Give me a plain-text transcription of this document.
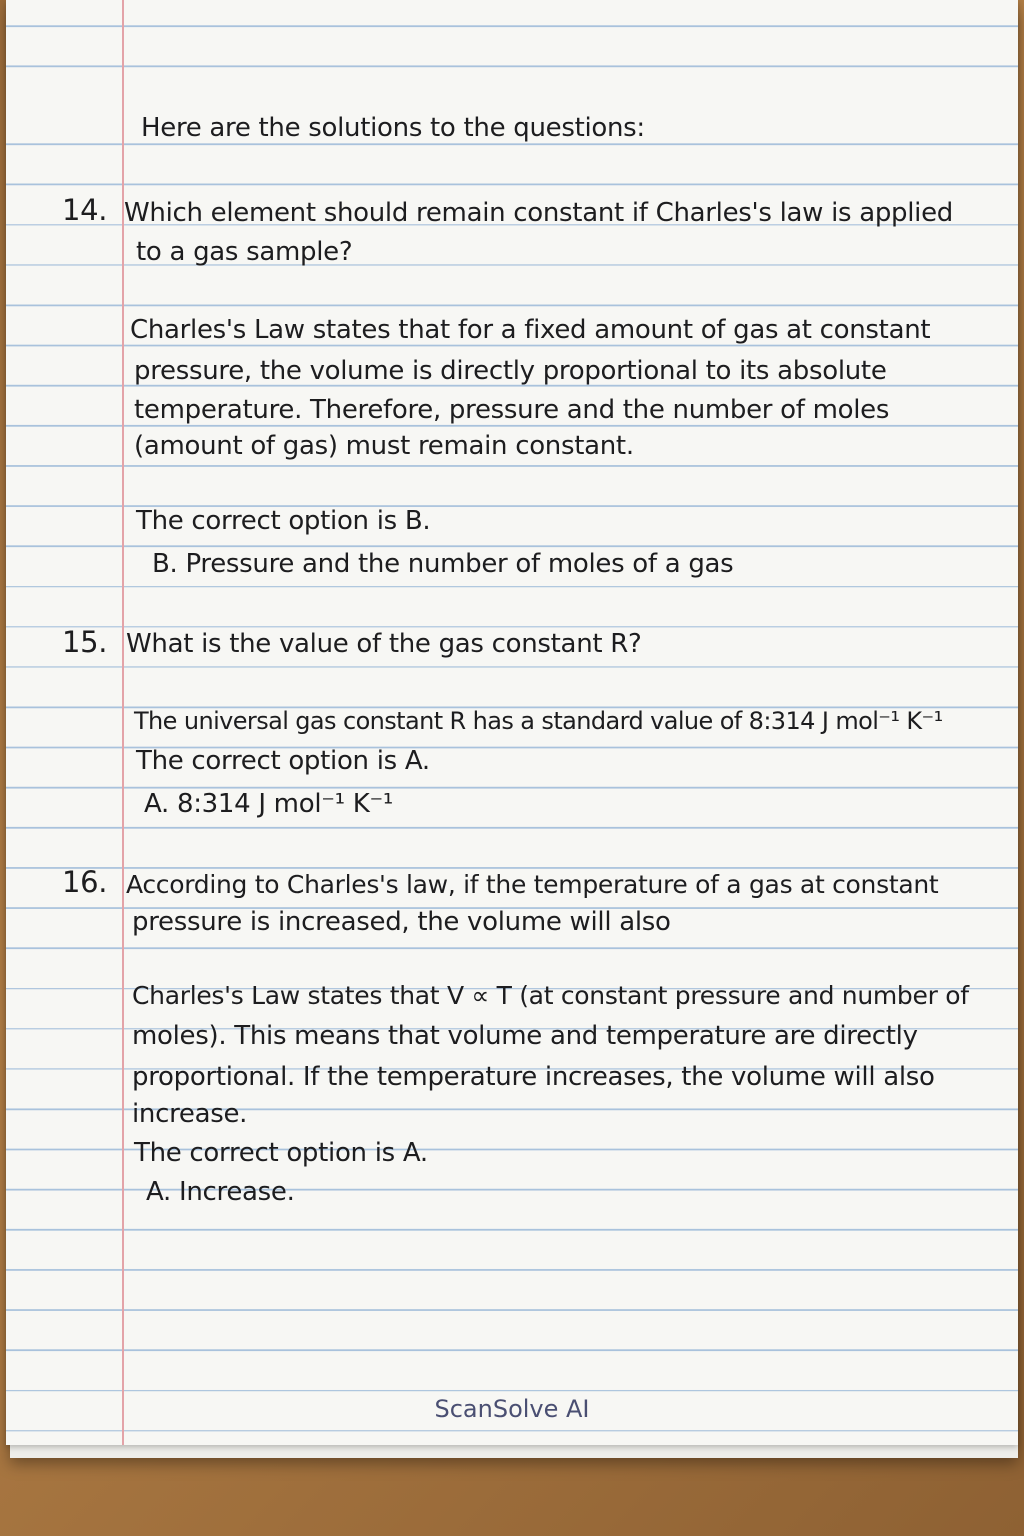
Here are the solutions to the questions:
14. Which element should remain constant if Charles's law is applied
to a gas sample?
Charles's Law states that for a fixed amount of gas at constant
pressure, the volume is directly proportional to its absolute
temperature. Therefore, pressure and the number of moles
(amount of gas) must remain constant.
The correct option is B.
B. Pressure and the number of moles of a gas
15. What is the value of the gas constant R?
The universal gas constant R has a standard value of 8:314 J mol⁻¹ K⁻¹
The correct option is A.
A. 8:314 J mol⁻¹ K⁻¹
16. According to Charles's law, if the temperature of a gas at constant
pressure is increased, the volume will also
Charles's Law states that V ∝ T (at constant pressure and number of
moles). This means that volume and temperature are directly
proportional. If the temperature increases, the volume will also
increase.
The correct option is A.
A. Increase.
ScanSolve AI
